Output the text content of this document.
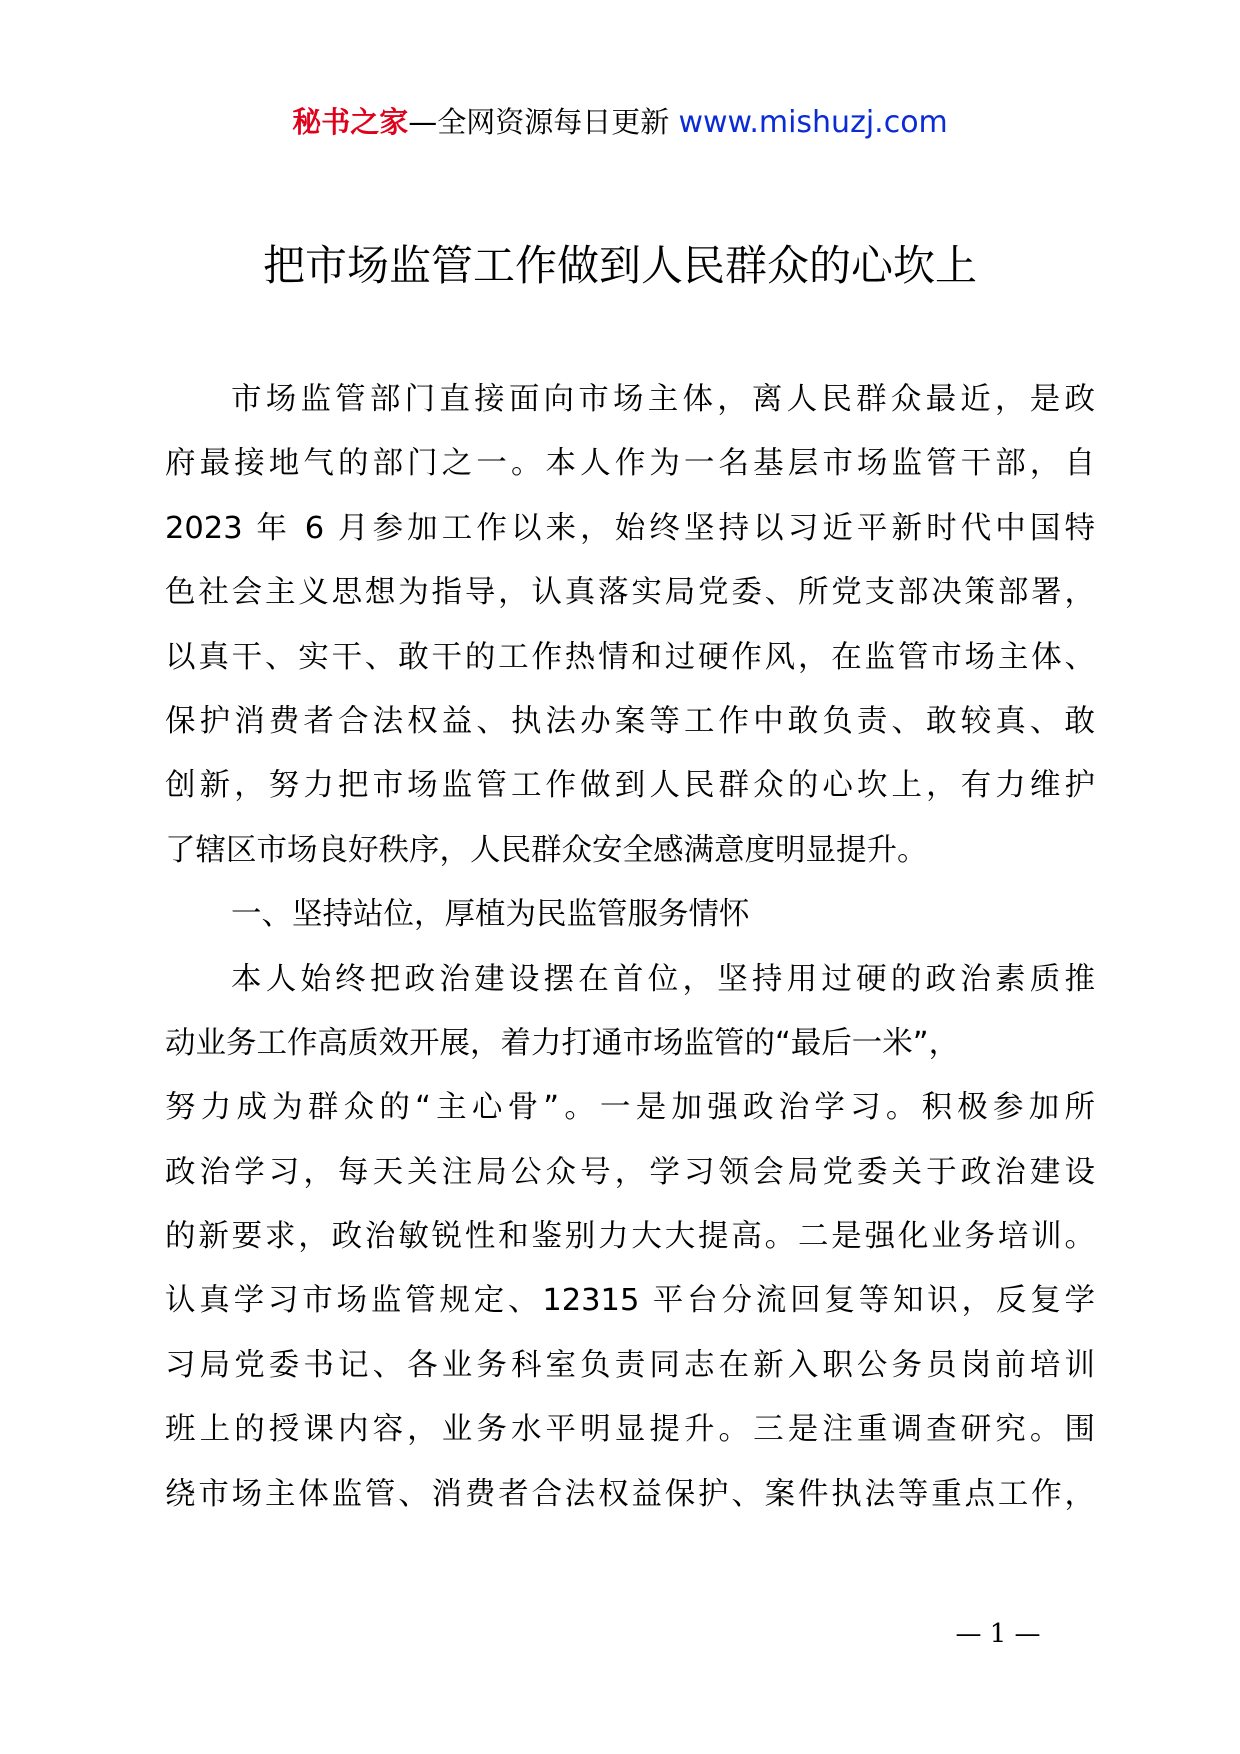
秘书之家—全网资源每日更新 www.mishuzj.com
把市场监管工作做到人民群众的心坎上
市场监管部门直接面向市场主体，离人民群众最近，是政
府最接地气的部门之一。本人作为一名基层市场监管干部，自
2023 年 6 月参加工作以来，始终坚持以习近平新时代中国特
色社会主义思想为指导，认真落实局党委、所党支部决策部署，
以真干、实干、敢干的工作热情和过硬作风，在监管市场主体、
保护消费者合法权益、执法办案等工作中敢负责、敢较真、敢
创新，努力把市场监管工作做到人民群众的心坎上，有力维护
了辖区市场良好秩序，人民群众安全感满意度明显提升。
一、坚持站位，厚植为民监管服务情怀
本人始终把政治建设摆在首位，坚持用过硬的政治素质推
动业务工作高质效开展，着力打通市场监管的“最后一米”，
努力成为群众的“主心骨”。一是加强政治学习。积极参加所
政治学习，每天关注局公众号，学习领会局党委关于政治建设
的新要求，政治敏锐性和鉴别力大大提高。二是强化业务培训。
认真学习市场监管规定、12315 平台分流回复等知识，反复学
习局党委书记、各业务科室负责同志在新入职公务员岗前培训
班上的授课内容，业务水平明显提升。三是注重调查研究。围
绕市场主体监管、消费者合法权益保护、案件执法等重点工作，
— 1 —
